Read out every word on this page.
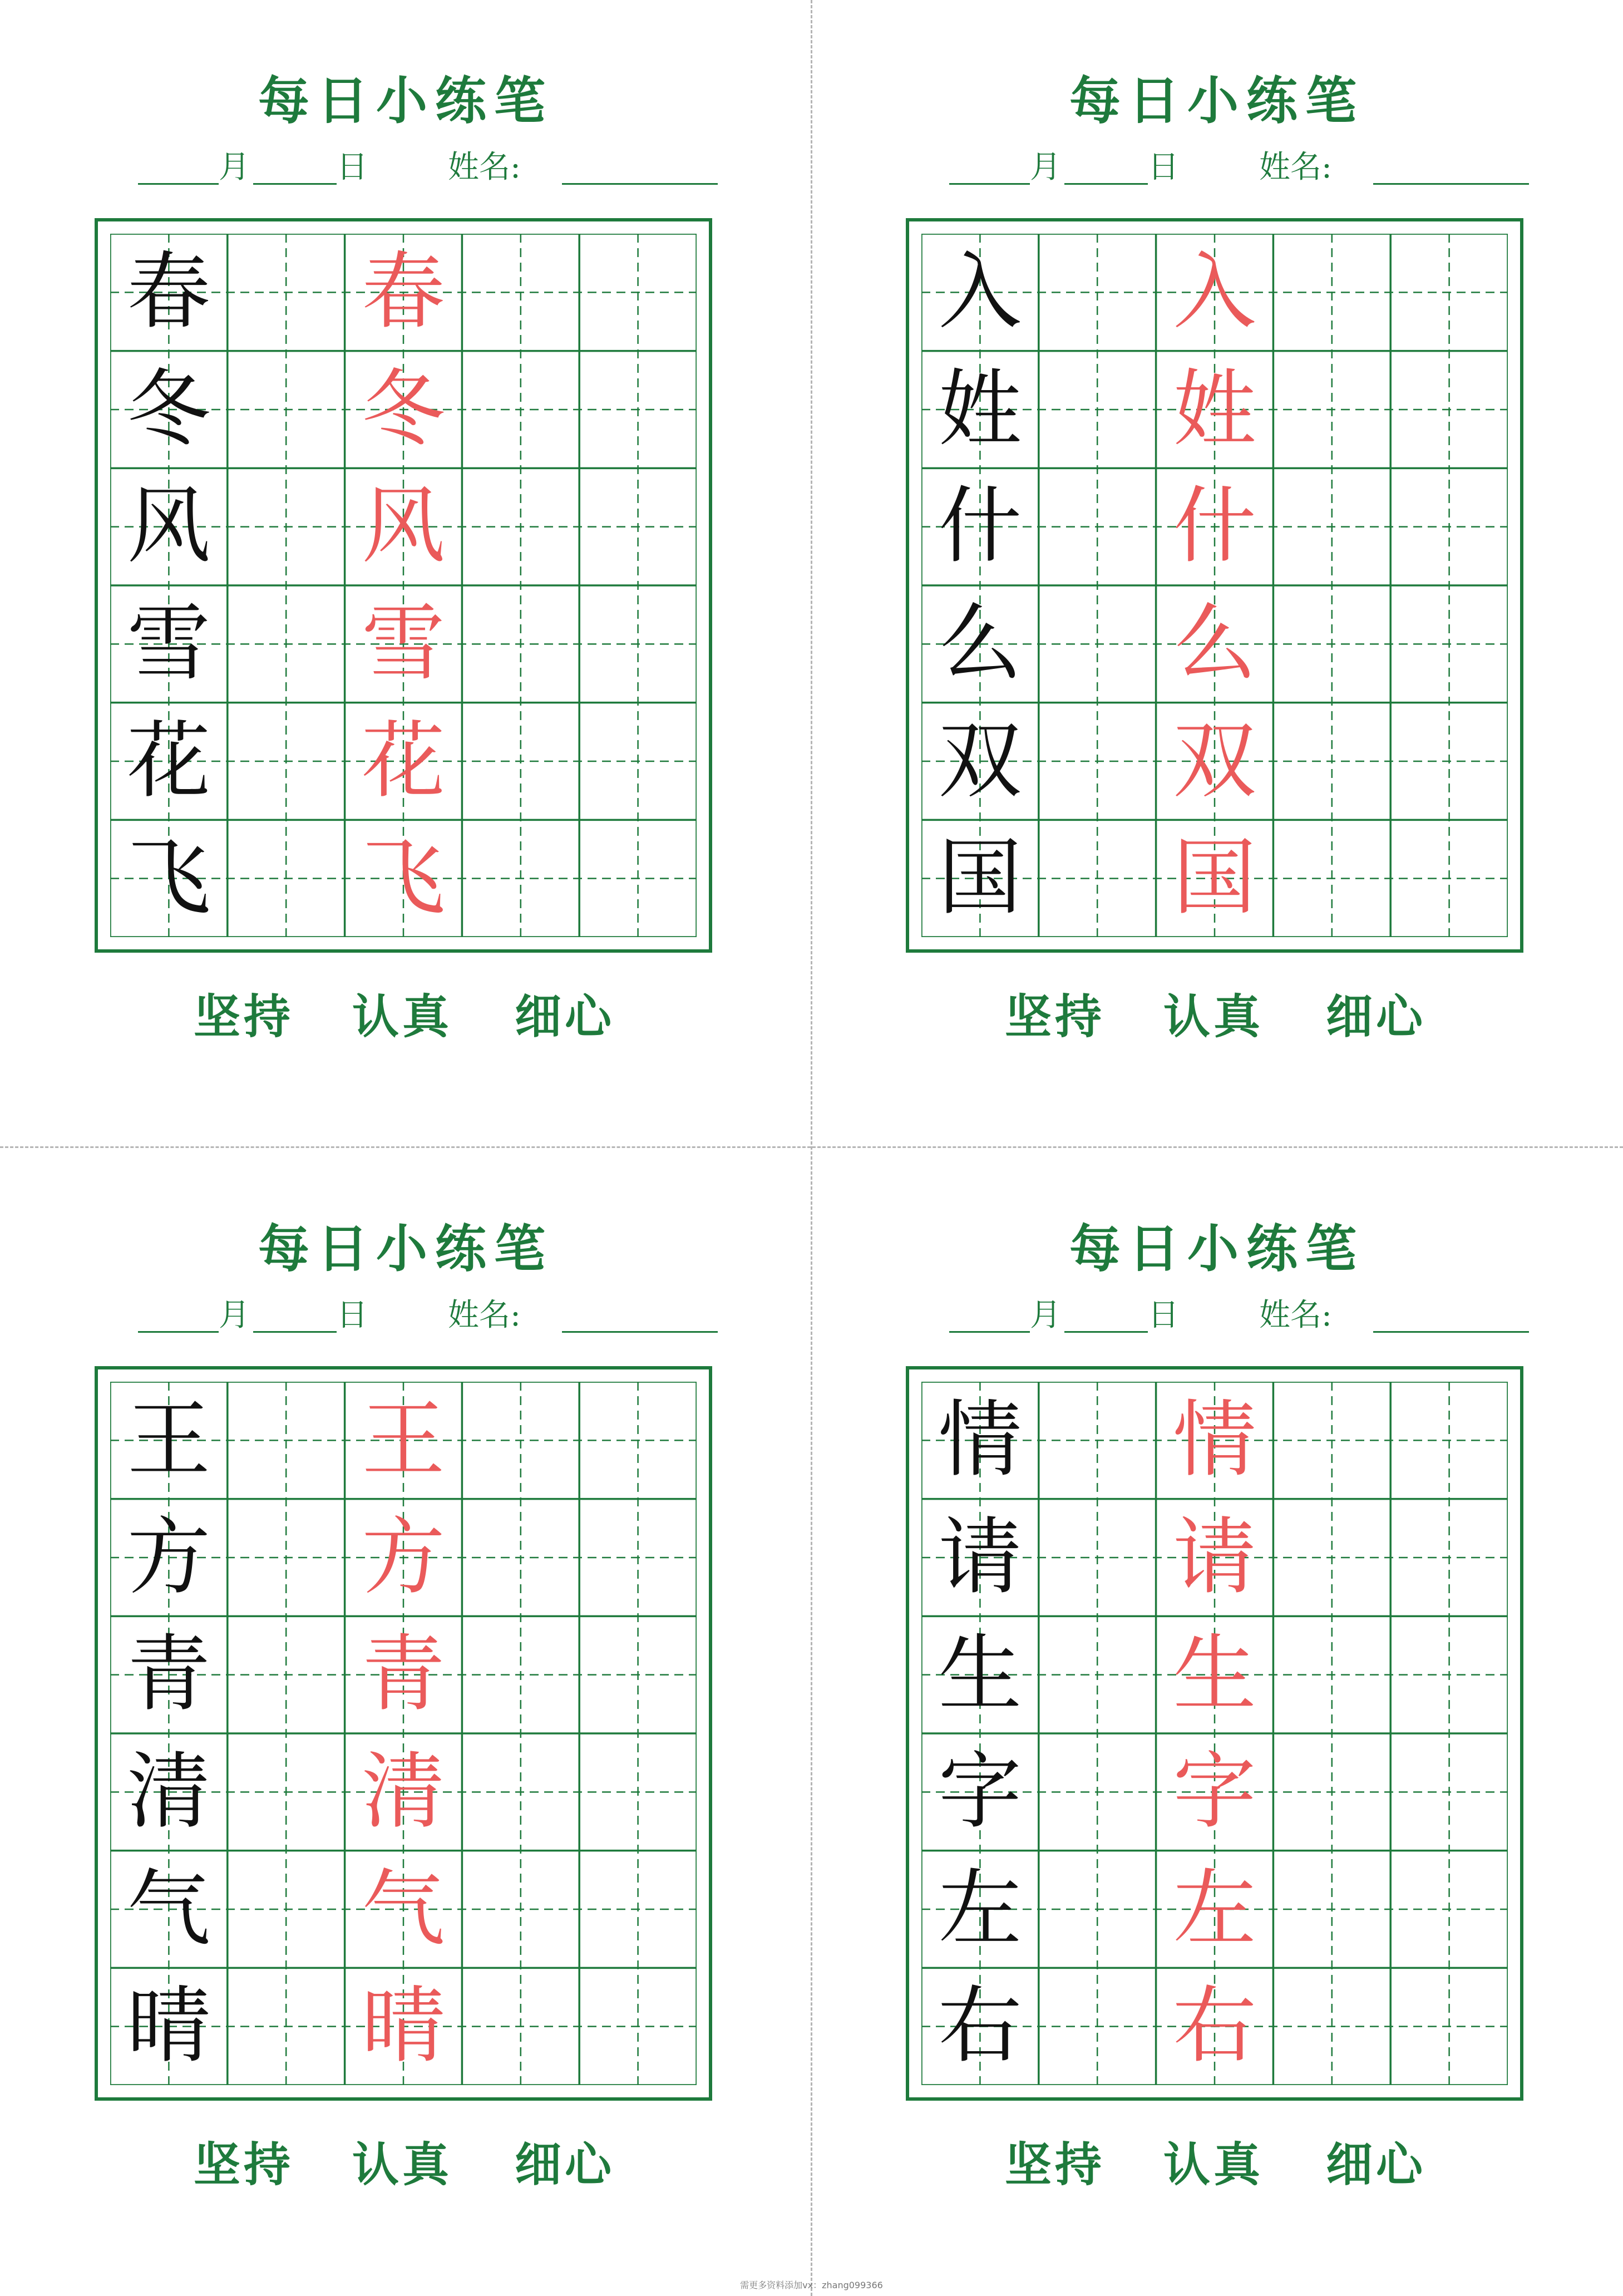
每日小练笔
月	日	姓名:
春 春
冬 冬
风 风
雪 雪
花 花
飞 飞
坚持 认真 细心
每日小练笔
月	日	姓名:
入 入
姓 姓
什 什
么 么
双 双
国 国
坚持 认真 细心
每日小练笔
月	日	姓名:
王 王
方 方
青 青
清 清
气 气
晴 晴
坚持 认真 细心
每日小练笔
月	日	姓名:
情 情
请 请
生 生
字 字
左 左
右 右
坚持 认真 细心
需更多资料添加vx：zhang099366
